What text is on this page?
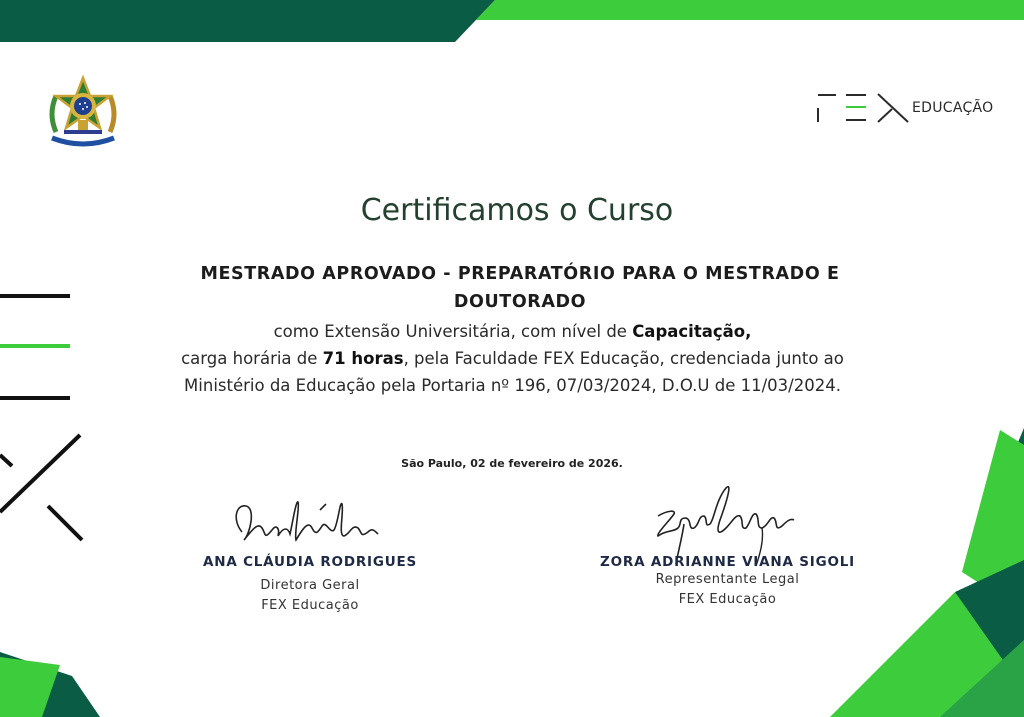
EDUCAÇÃO
Certificamos o Curso
MESTRADO APROVADO - PREPARATÓRIO PARA O MESTRADO E DOUTORADO
como Extensão Universitária, com nível de Capacitação,
carga horária de 71 horas, pela Faculdade FEX Educação, credenciada junto ao
Ministério da Educação pela Portaria nº 196, 07/03/2024, D.O.U de 11/03/2024.
São Paulo, 02 de fevereiro de 2026.
ANA CLÁUDIA RODRIGUES
Diretora Geral
FEX Educação
ZORA ADRIANNE VIANA SIGOLI
Representante Legal
FEX Educação
